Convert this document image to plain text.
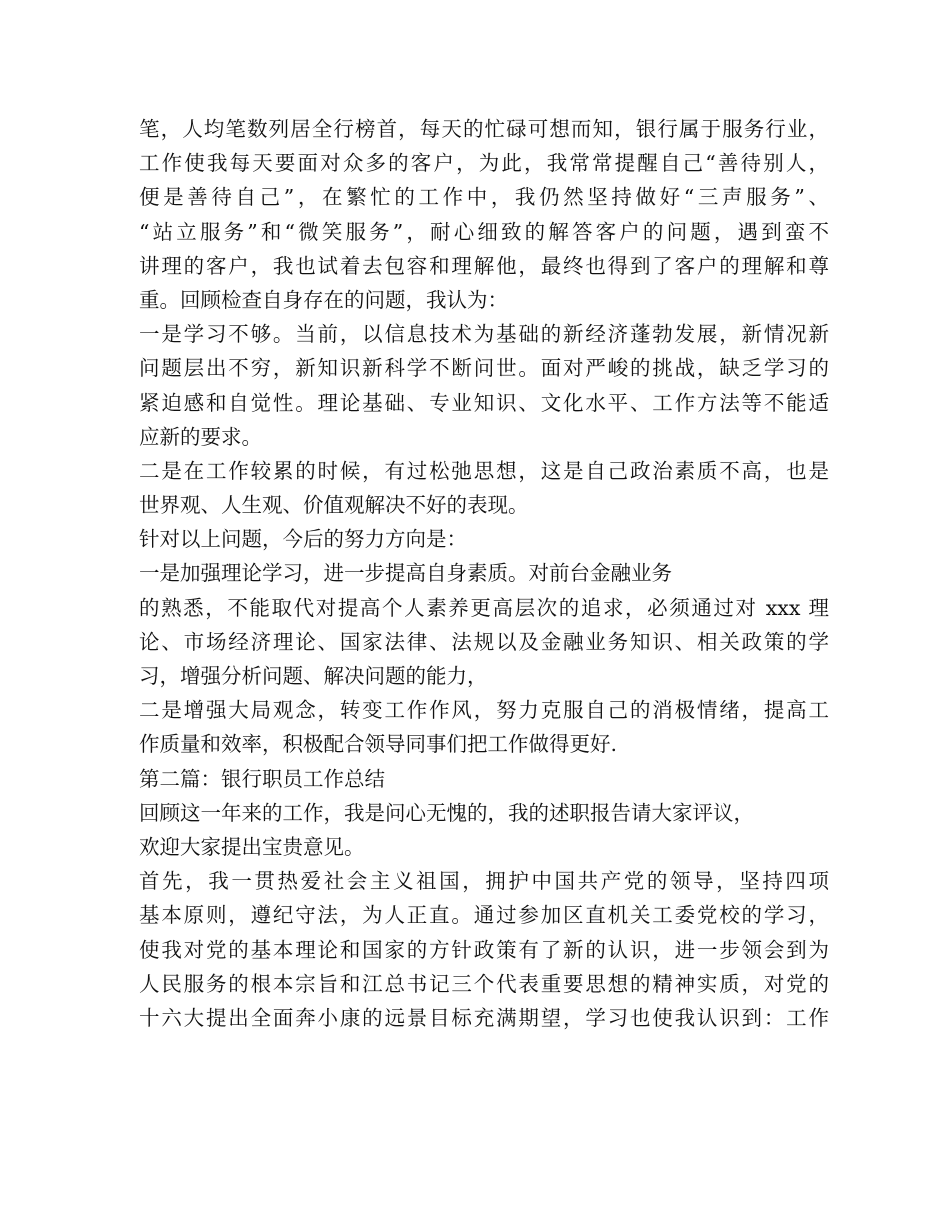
笔，人均笔数列居全行榜首，每天的忙碌可想而知，银行属于服务行业，
工作使我每天要面对众多的客户，为此，我常常提醒自己“善待别人，
便是善待自己”，在繁忙的工作中，我仍然坚持做好“三声服务”、
“站立服务”和“微笑服务”，耐心细致的解答客户的问题，遇到蛮不
讲理的客户，我也试着去包容和理解他，最终也得到了客户的理解和尊
重。回顾检查自身存在的问题，我认为：
一是学习不够。当前，以信息技术为基础的新经济蓬勃发展，新情况新
问题层出不穷，新知识新科学不断问世。面对严峻的挑战，缺乏学习的
紧迫感和自觉性。理论基础、专业知识、文化水平、工作方法等不能适
应新的要求。
二是在工作较累的时候，有过松弛思想，这是自己政治素质不高，也是
世界观、人生观、价值观解决不好的表现。
针对以上问题，今后的努力方向是：
一是加强理论学习，进一步提高自身素质。对前台金融业务
的熟悉，不能取代对提高个人素养更高层次的追求，必须通过对 xxx 理
论、市场经济理论、国家法律、法规以及金融业务知识、相关政策的学
习，增强分析问题、解决问题的能力，
二是增强大局观念，转变工作作风，努力克服自己的消极情绪，提高工
作质量和效率，积极配合领导同事们把工作做得更好.
第二篇：银行职员工作总结
回顾这一年来的工作，我是问心无愧的，我的述职报告请大家评议，
欢迎大家提出宝贵意见。
首先，我一贯热爱社会主义祖国，拥护中国共产党的领导，坚持四项
基本原则，遵纪守法，为人正直。通过参加区直机关工委党校的学习，
使我对党的基本理论和国家的方针政策有了新的认识，进一步领会到为
人民服务的根本宗旨和江总书记三个代表重要思想的精神实质，对党的
十六大提出全面奔小康的远景目标充满期望，学习也使我认识到：工作
